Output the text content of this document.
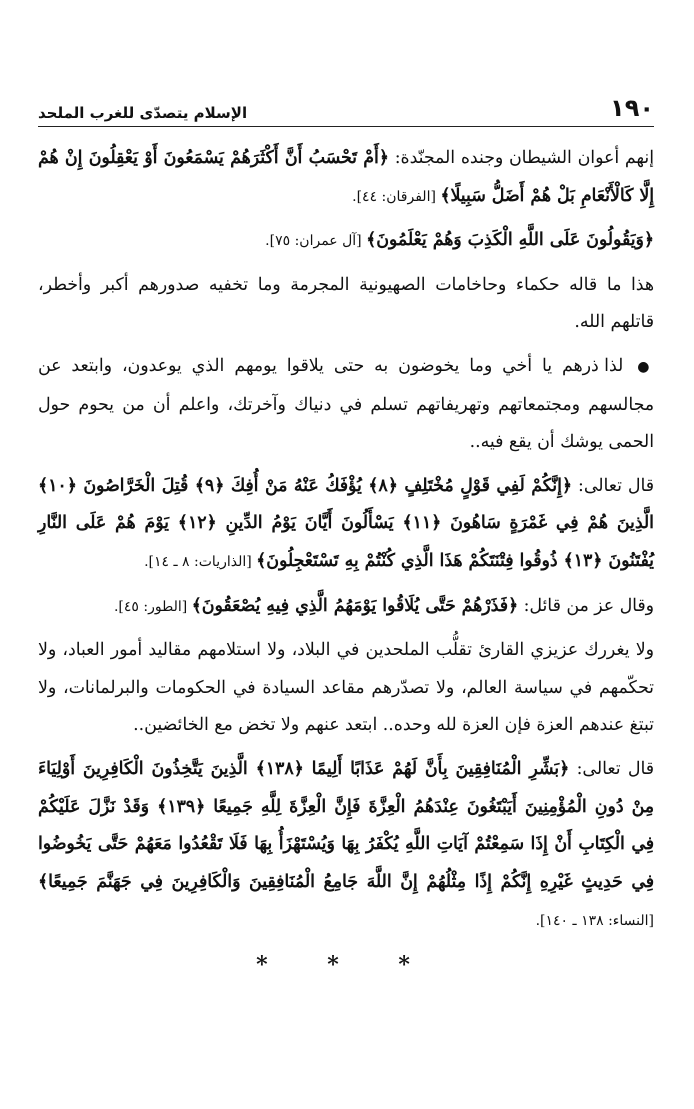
١٩٠
الإسلام يتصدّى للغرب الملحد

إنهم أعوان الشيطان وجنده المجنّدة: ﴿أَمْ تَحْسَبُ أَنَّ أَكْثَرَهُمْ يَسْمَعُونَ أَوْ يَعْقِلُونَ إِنْ هُمْ إِلَّا كَالْأَنْعَامِ بَلْ هُمْ أَضَلُّ سَبِيلًا﴾ [الفرقان: ٤٤].

﴿وَيَقُولُونَ عَلَى اللَّهِ الْكَذِبَ وَهُمْ يَعْلَمُونَ﴾ [آل عمران: ٧٥].

هذا ما قاله حكماء وحاخامات الصهيونية المجرمة وما تخفيه صدورهم أكبر وأخطر، قاتلهم الله.

● لذا ذرهم يا أخي وما يخوضون به حتى يلاقوا يومهم الذي يوعدون، وابتعد عن مجالسهم ومجتمعاتهم وتهريفاتهم تسلم في دنياك وآخرتك، واعلم أن من يحوم حول الحمى يوشك أن يقع فيه..

قال تعالى: ﴿إِنَّكُمْ لَفِي قَوْلٍ مُخْتَلِفٍ ﴿٨﴾ يُؤْفَكُ عَنْهُ مَنْ أُفِكَ ﴿٩﴾ قُتِلَ الْخَرَّاصُونَ ﴿١٠﴾ الَّذِينَ هُمْ فِي غَمْرَةٍ سَاهُونَ ﴿١١﴾ يَسْأَلُونَ أَيَّانَ يَوْمُ الدِّينِ ﴿١٢﴾ يَوْمَ هُمْ عَلَى النَّارِ يُفْتَنُونَ ﴿١٣﴾ ذُوقُوا فِتْنَتَكُمْ هَذَا الَّذِي كُنْتُمْ بِهِ تَسْتَعْجِلُونَ﴾ [الذاريات: ٨ ـ ١٤].

وقال عز من قائل: ﴿فَذَرْهُمْ حَتَّى يُلَاقُوا يَوْمَهُمُ الَّذِي فِيهِ يُصْعَقُونَ﴾ [الطور: ٤٥].

ولا يغررك عزيزي القارئ تقلُّب الملحدين في البلاد، ولا استلامهم مقاليد أمور العباد، ولا تحكّمهم في سياسة العالم، ولا تصدّرهم مقاعد السيادة في الحكومات والبرلمانات، ولا تبتغ عندهم العزة فإن العزة لله وحده.. ابتعد عنهم ولا تخض مع الخائضين..

قال تعالى: ﴿بَشِّرِ الْمُنَافِقِينَ بِأَنَّ لَهُمْ عَذَابًا أَلِيمًا ﴿١٣٨﴾ الَّذِينَ يَتَّخِذُونَ الْكَافِرِينَ أَوْلِيَاءَ مِنْ دُونِ الْمُؤْمِنِينَ أَيَبْتَغُونَ عِنْدَهُمُ الْعِزَّةَ فَإِنَّ الْعِزَّةَ لِلَّهِ جَمِيعًا ﴿١٣٩﴾ وَقَدْ نَزَّلَ عَلَيْكُمْ فِي الْكِتَابِ أَنْ إِذَا سَمِعْتُمْ آيَاتِ اللَّهِ يُكْفَرُ بِهَا وَيُسْتَهْزَأُ بِهَا فَلَا تَقْعُدُوا مَعَهُمْ حَتَّى يَخُوضُوا فِي حَدِيثٍ غَيْرِهِ إِنَّكُمْ إِذًا مِثْلُهُمْ إِنَّ اللَّهَ جَامِعُ الْمُنَافِقِينَ وَالْكَافِرِينَ فِي جَهَنَّمَ جَمِيعًا﴾ [النساء: ١٣٨ ـ ١٤٠].

* * *
